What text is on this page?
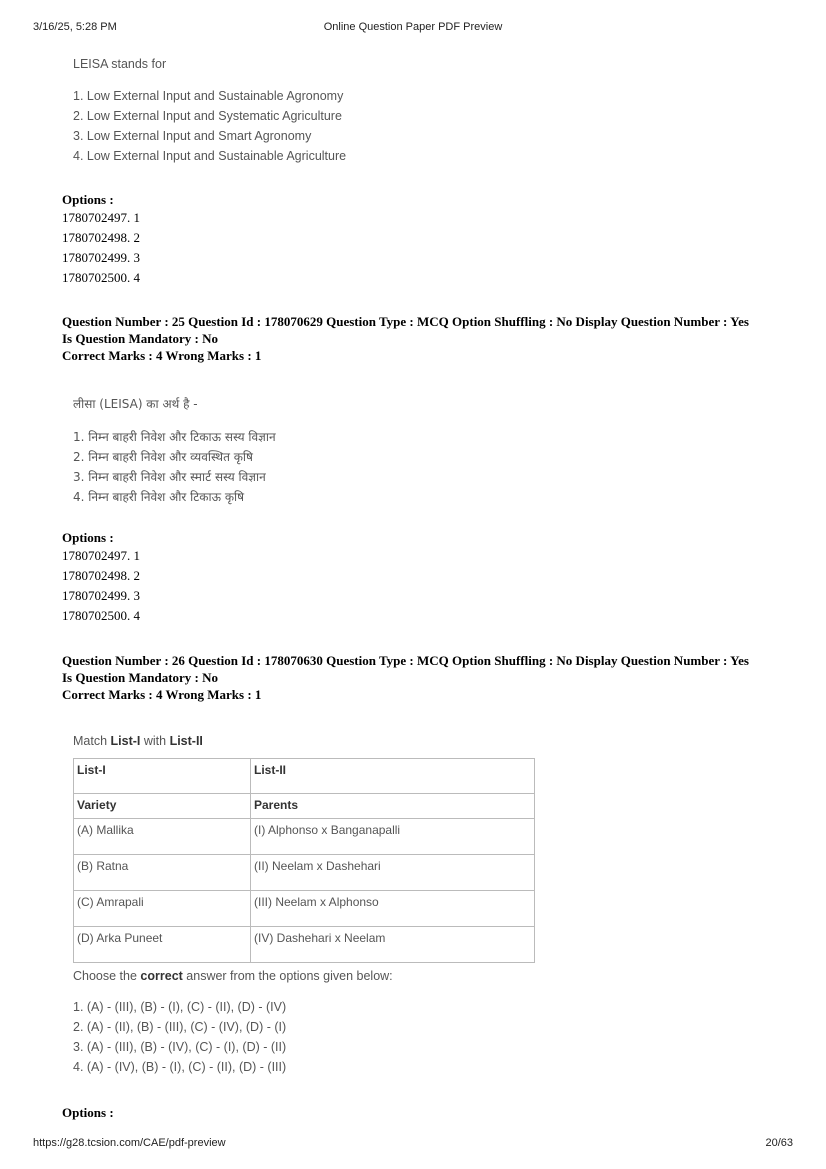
3/16/25, 5:28 PM	Online Question Paper PDF Preview
LEISA stands for
1. Low External Input and Sustainable Agronomy
2. Low External Input and Systematic Agriculture
3. Low External Input and Smart Agronomy
4. Low External Input and Sustainable Agriculture
Options :
1780702497. 1
1780702498. 2
1780702499. 3
1780702500. 4
Question Number : 25 Question Id : 178070629 Question Type : MCQ Option Shuffling : No Display Question Number : Yes
Is Question Mandatory : No
Correct Marks : 4 Wrong Marks : 1
लीसा (LEISA) का अर्थ है -
1. निम्न बाहरी निवेश और टिकाऊ सस्य विज्ञान
2. निम्न बाहरी निवेश और व्यवस्थित कृषि
3. निम्न बाहरी निवेश और स्मार्ट सस्य विज्ञान
4. निम्न बाहरी निवेश और टिकाऊ कृषि
Options :
1780702497. 1
1780702498. 2
1780702499. 3
1780702500. 4
Question Number : 26 Question Id : 178070630 Question Type : MCQ Option Shuffling : No Display Question Number : Yes
Is Question Mandatory : No
Correct Marks : 4 Wrong Marks : 1
Match List-I with List-II
List-I	List-II
Variety	Parents
(A) Mallika	(I) Alphonso x Banganapalli
(B) Ratna	(II) Neelam x Dashehari
(C) Amrapali	(III) Neelam x Alphonso
(D) Arka Puneet	(IV) Dashehari x Neelam
Choose the correct answer from the options given below:
1. (A) - (III), (B) - (I), (C) - (II), (D) - (IV)
2. (A) - (II), (B) - (III), (C) - (IV), (D) - (I)
3. (A) - (III), (B) - (IV), (C) - (I), (D) - (II)
4. (A) - (IV), (B) - (I), (C) - (II), (D) - (III)
Options :
https://g28.tcsion.com/CAE/pdf-preview	20/63
